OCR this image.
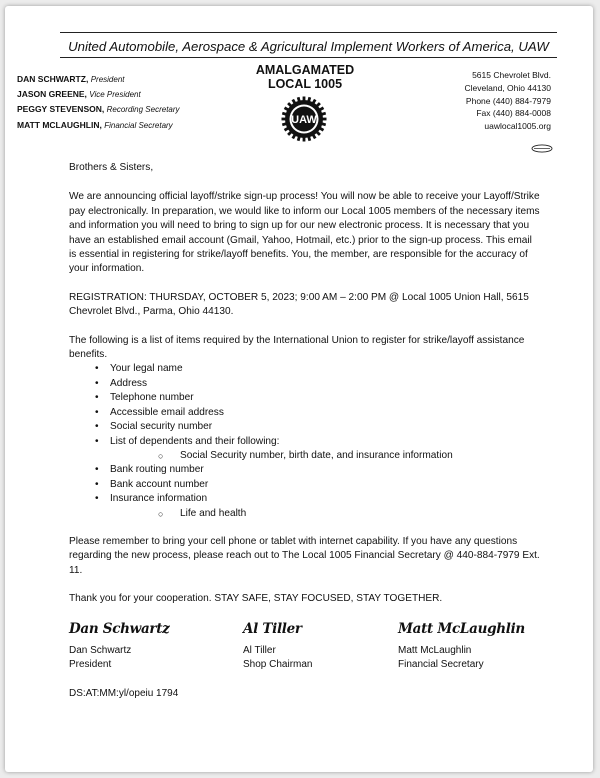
United Automobile, Aerospace & Agricultural Implement Workers of America, UAW
DAN SCHWARTZ, President
JASON GREENE, Vice President
PEGGY STEVENSON, Recording Secretary
MATT MCLAUGHLIN, Financial Secretary
AMALGAMATED
LOCAL 1005
UAW
5615 Chevrolet Blvd.
Cleveland, Ohio 44130
Phone (440) 884-7979
Fax (440) 884-0008
uawlocal1005.org

Brothers & Sisters,

We are announcing official layoff/strike sign-up process! You will now be able to receive your Layoff/Strike pay electronically. In preparation, we would like to inform our Local 1005 members of the necessary items and information you will need to bring to sign up for our new electronic process. It is necessary that you have an established email account (Gmail, Yahoo, Hotmail, etc.) prior to the sign-up process. This email is essential in registering for strike/layoff benefits. You, the member, are responsible for the accuracy of your information.

REGISTRATION: THURSDAY, OCTOBER 5, 2023; 9:00 AM – 2:00 PM @ Local 1005 Union Hall, 5615 Chevrolet Blvd., Parma, Ohio 44130.

The following is a list of items required by the International Union to register for strike/layoff assistance benefits.

• Your legal name
• Address
• Telephone number
• Accessible email address
• Social security number
• List of dependents and their following:
○ Social Security number, birth date, and insurance information
• Bank routing number
• Bank account number
• Insurance information
○ Life and health

Please remember to bring your cell phone or tablet with internet capability. If you have any questions regarding the new process, please reach out to The Local 1005 Financial Secretary @ 440-884-7979 Ext. 11.

Thank you for your cooperation. STAY SAFE, STAY FOCUSED, STAY TOGETHER.

Dan Schwartz
Dan Schwartz
President
Al Tiller
Al Tiller
Shop Chairman
Matt McLaughlin
Matt McLaughlin
Financial Secretary
DS:AT:MM:yl/opeiu 1794
